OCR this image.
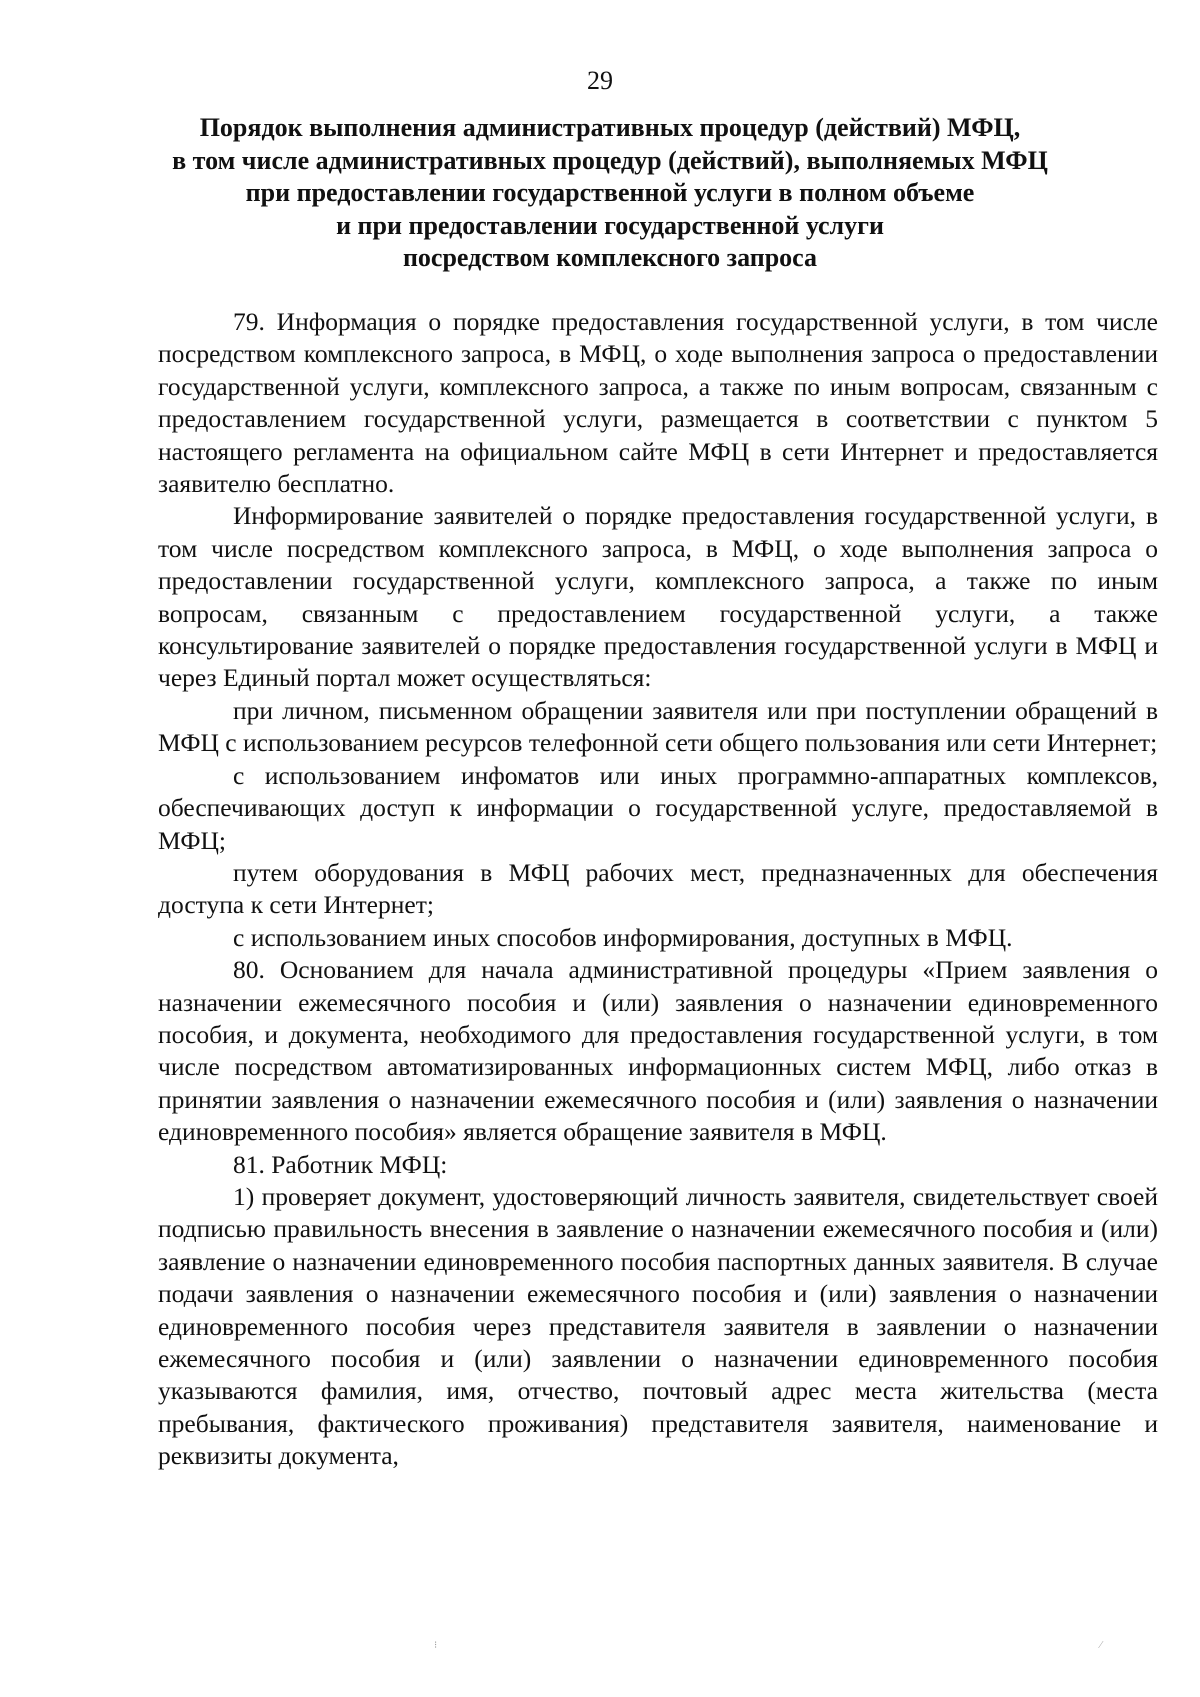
29
Порядок выполнения административных процедур (действий) МФЦ,
в том числе административных процедур (действий), выполняемых МФЦ
при предоставлении государственной услуги в полном объеме
и при предоставлении государственной услуги
посредством комплексного запроса

79. Информация о порядке предоставления государственной услуги, в том числе посредством комплексного запроса, в МФЦ, о ходе выполнения запроса о предоставлении государственной услуги, комплексного запроса, а также по иным вопросам, связанным с предоставлением государственной услуги, размещается в соответствии с пунктом 5 настоящего регламента на официальном сайте МФЦ в сети Интернет и предоставляется заявителю бесплатно.

Информирование заявителей о порядке предоставления государственной услуги, в том числе посредством комплексного запроса, в МФЦ, о ходе выполнения запроса о предоставлении государственной услуги, комплексного запроса, а также по иным вопросам, связанным с предоставлением государственной услуги, а также консультирование заявителей о порядке предоставления государственной услуги в МФЦ и через Единый портал может осуществляться:

при личном, письменном обращении заявителя или при поступлении обращений в МФЦ с использованием ресурсов телефонной сети общего пользования или сети Интернет;

с использованием инфоматов или иных программно-аппаратных комплексов, обеспечивающих доступ к информации о государственной услуге, предоставляемой в МФЦ;

путем оборудования в МФЦ рабочих мест, предназначенных для обеспечения доступа к сети Интернет;

с использованием иных способов информирования, доступных в МФЦ.

80. Основанием для начала административной процедуры «Прием заявления о назначении ежемесячного пособия и (или) заявления о назначении единовременного пособия, и документа, необходимого для предоставления государственной услуги, в том числе посредством автоматизированных информационных систем МФЦ, либо отказ в принятии заявления о назначении ежемесячного пособия и (или) заявления о назначении единовременного пособия» является обращение заявителя в МФЦ.

81. Работник МФЦ:

1) проверяет документ, удостоверяющий личность заявителя, свидетельствует своей подписью правильность внесения в заявление о назначении ежемесячного пособия и (или) заявление о назначении единовременного пособия паспортных данных заявителя. В случае подачи заявления о назначении ежемесячного пособия и (или) заявления о назначении единовременного пособия через представителя заявителя в заявлении о назначении ежемесячного пособия и (или) заявлении о назначении единовременного пособия указываются фамилия, имя, отчество, почтовый адрес места жительства (места пребывания, фактического проживания) представителя заявителя, наименование и реквизиты документа,

⁝	⁄
